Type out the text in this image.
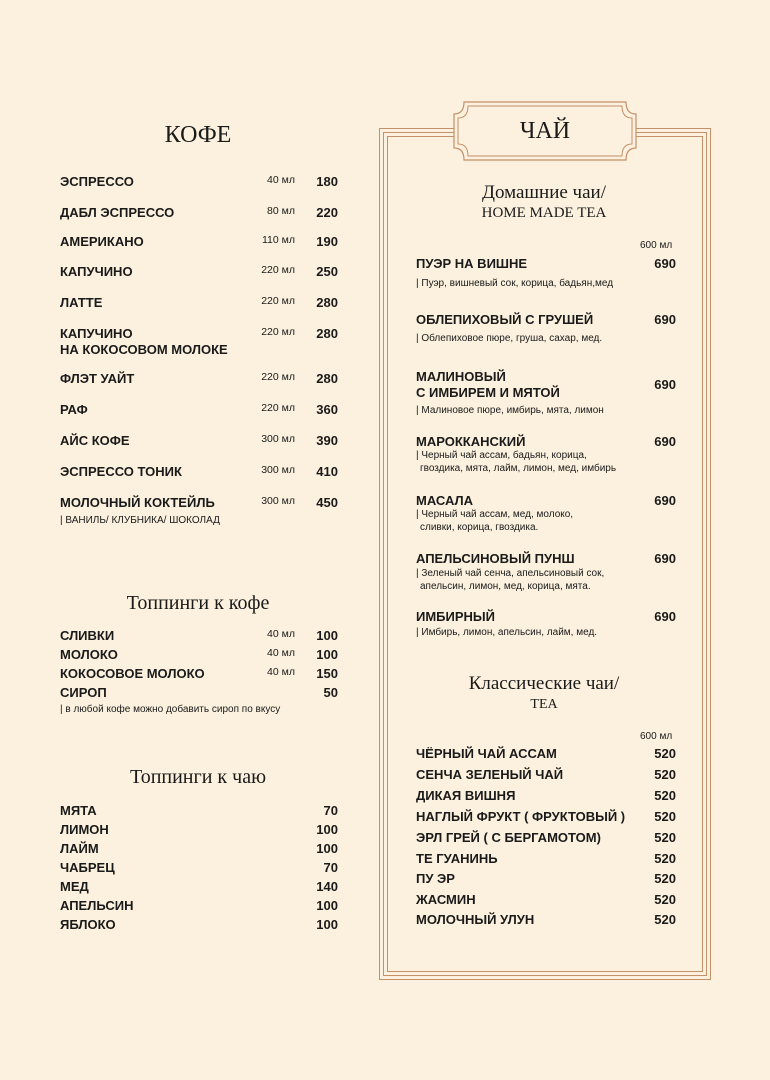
КОФЕ
ЭСПРЕССО	40 мл 180
ДАБЛ ЭСПРЕССО	80 мл 220
АМЕРИКАНО	110 мл 190
КАПУЧИНО	220 мл 250
ЛАТТЕ	220 мл 280
КАПУЧИНО
НА КОКОСОВОМ МОЛОКЕ
220 мл 280
ФЛЭТ УАЙТ	220 мл 280
РАФ	220 мл 360
АЙС КОФЕ	300 мл 390
ЭСПРЕССО ТОНИК	300 мл 410
МОЛОЧНЫЙ КОКТЕЙЛЬ	300 мл 450
| ВАНИЛЬ/ КЛУБНИКА/ ШОКОЛАД
Топпинги к кофе
СЛИВКИ	40 мл 100
МОЛОКО	40 мл 100
КОКОСОВОЕ МОЛОКО	40 мл 150
СИРОП	50
| в любой кофе можно добавить сироп по вкусу
Топпинги к чаю
МЯТА	70
ЛИМОН	100
ЛАЙМ	100
ЧАБРЕЦ	70
МЕД	140
АПЕЛЬСИН	100
ЯБЛОКО	100
ЧАЙ
Домашние чаи/
HOME MADE TEA
600 мл
ПУЭР НА ВИШНЕ	690
| Пуэр, вишневый сок, корица, бадьян,мед
ОБЛЕПИХОВЫЙ С ГРУШЕЙ	690
| Облепиховое пюре, груша, сахар, мед.
МАЛИНОВЫЙ
С ИМБИРЕМ И МЯТОЙ
690
| Малиновое пюре, имбирь, мята, лимон
МАРОККАНСКИЙ	690
| Черный чай ассам, бадьян, корица,
гвоздика, мята, лайм, лимон, мед, имбирь
МАСАЛА	690
| Черный чай ассам, мед, молоко,
сливки, корица, гвоздика.
АПЕЛЬСИНОВЫЙ ПУНШ	690
| Зеленый чай сенча, апельсиновый сок,
апельсин, лимон, мед, корица, мята.
ИМБИРНЫЙ	690
| Имбирь, лимон, апельсин, лайм, мед.
Классические чаи/
TEA
600 мл
ЧЁРНЫЙ ЧАЙ АССАМ	520
СЕНЧА ЗЕЛЕНЫЙ ЧАЙ	520
ДИКАЯ ВИШНЯ	520
НАГЛЫЙ ФРУКТ ( ФРУКТОВЫЙ ) 520
ЭРЛ ГРЕЙ ( С БЕРГАМОТОМ)	520
ТЕ ГУАНИНЬ	520
ПУ ЭР	520
ЖАСМИН	520
МОЛОЧНЫЙ УЛУН	520
